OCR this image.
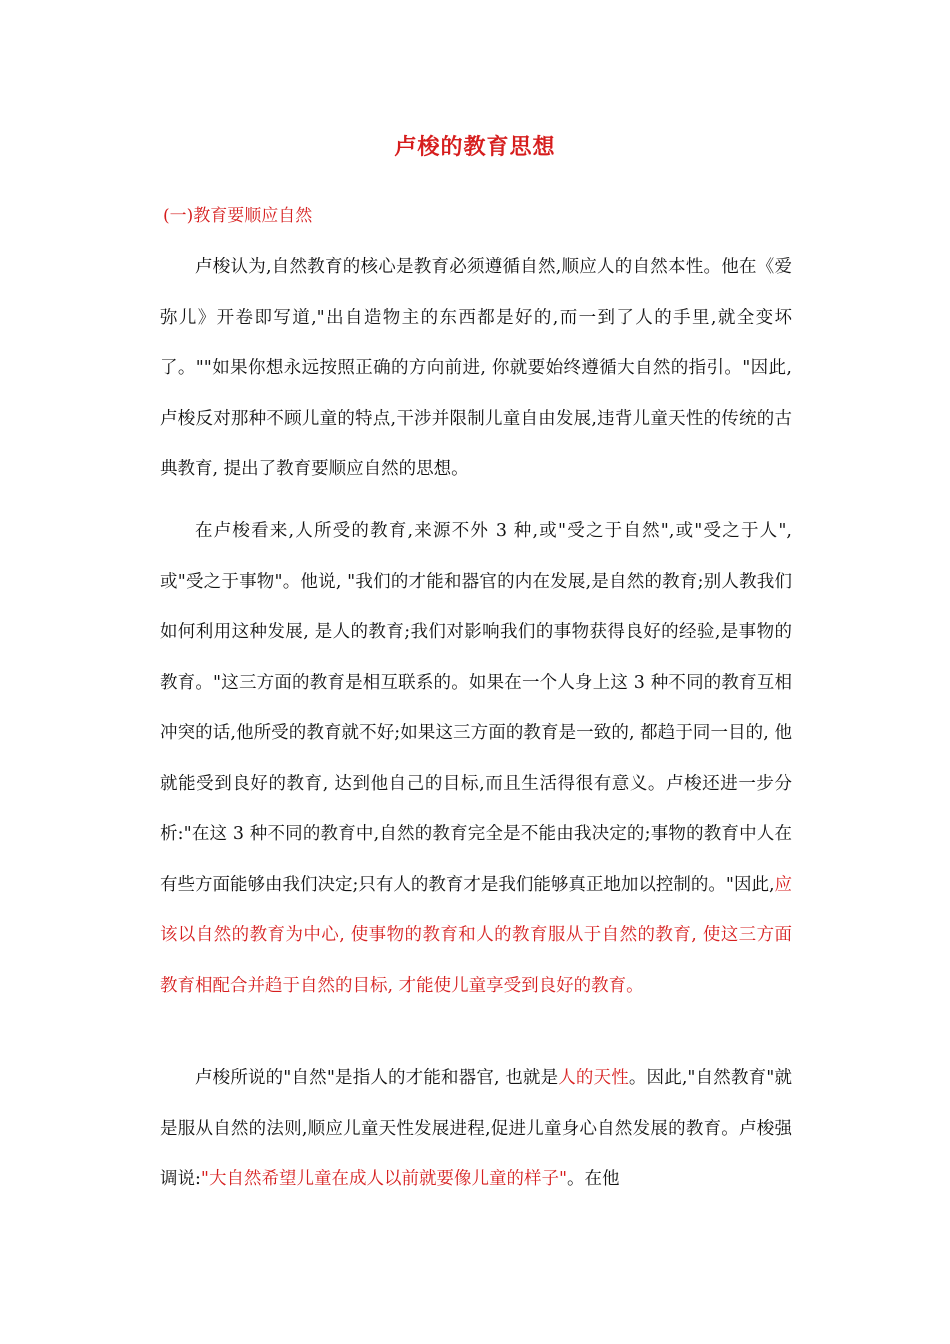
卢梭的教育思想
(一)教育要顺应自然

卢梭认为,自然教育的核心是教育必须遵循自然,顺应人的自然本性。他在《爱弥儿》开卷即写道,"出自造物主的东西都是好的,而一到了人的手里,就全变坏了。""如果你想永远按照正确的方向前进, 你就要始终遵循大自然的指引。"因此,卢梭反对那种不顾儿童的特点,干涉并限制儿童自由发展,违背儿童天性的传统的古典教育, 提出了教育要顺应自然的思想。

在卢梭看来,人所受的教育,来源不外 3 种,或"受之于自然",或"受之于人",或"受之于事物"。他说, "我们的才能和器官的内在发展,是自然的教育;别人教我们如何利用这种发展, 是人的教育;我们对影响我们的事物获得良好的经验,是事物的教育。"这三方面的教育是相互联系的。如果在一个人身上这 3 种不同的教育互相冲突的话,他所受的教育就不好;如果这三方面的教育是一致的, 都趋于同一目的, 他就能受到良好的教育, 达到他自己的目标,而且生活得很有意义。卢梭还进一步分析:"在这 3 种不同的教育中,自然的教育完全是不能由我决定的;事物的教育中人在有些方面能够由我们决定;只有人的教育才是我们能够真正地加以控制的。"因此,应该以自然的教育为中心, 使事物的教育和人的教育服从于自然的教育, 使这三方面教育相配合并趋于自然的目标, 才能使儿童享受到良好的教育。

卢梭所说的"自然"是指人的才能和器官, 也就是人的天性。因此,"自然教育"就是服从自然的法则,顺应儿童天性发展进程,促进儿童身心自然发展的教育。卢梭强调说:"大自然希望儿童在成人以前就要像儿童的样子"。在他
